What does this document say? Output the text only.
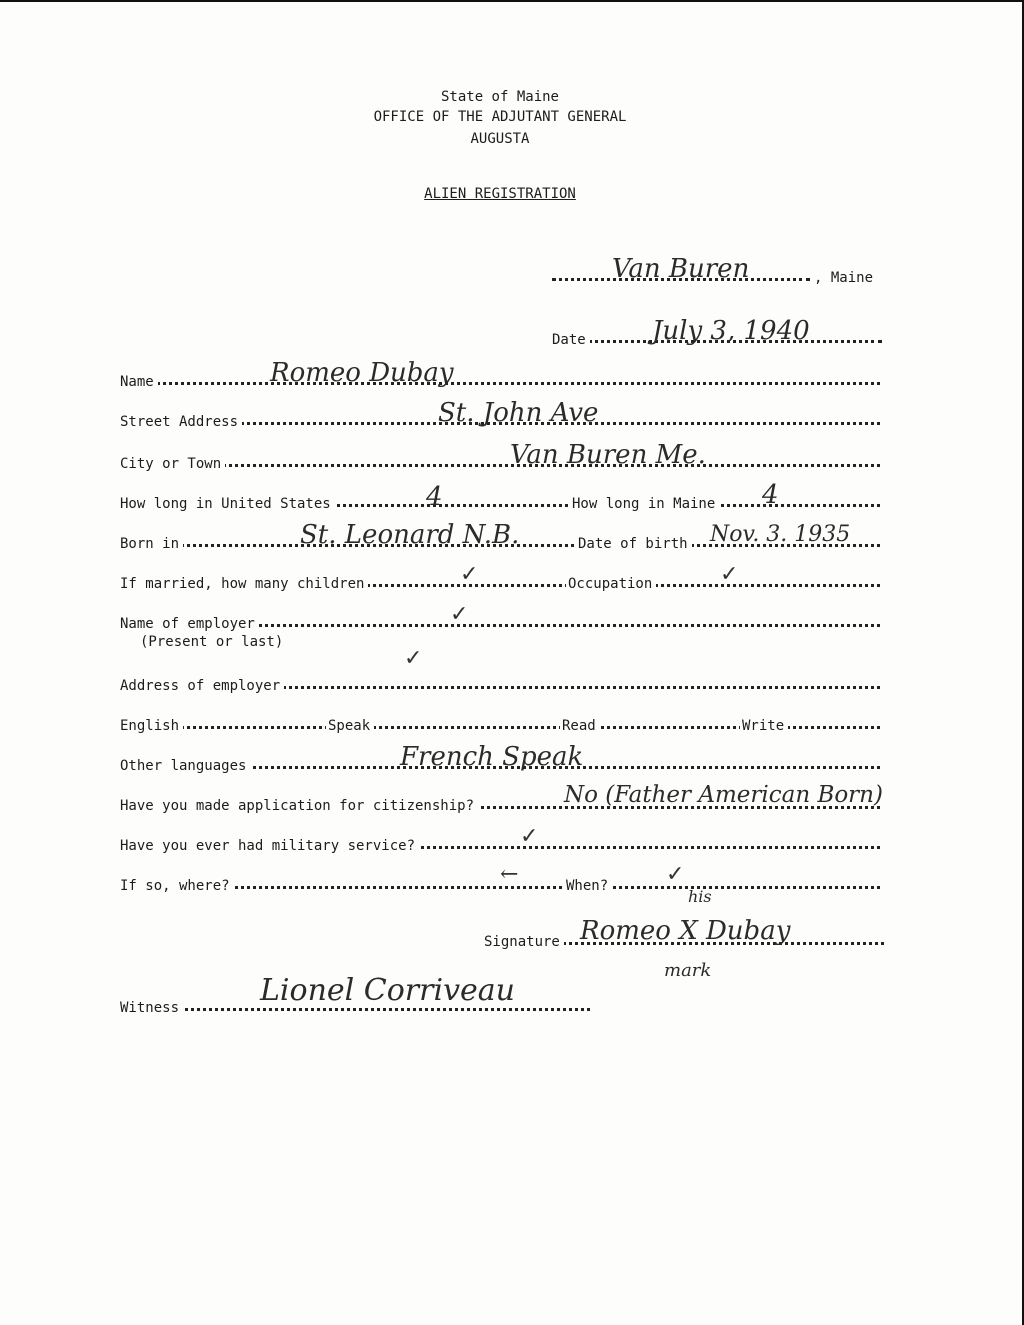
State of Maine
OFFICE OF THE ADJUTANT GENERAL
AUGUSTA
ALIEN REGISTRATION
Van Buren	, Maine
Date	July 3, 1940
Name	Romeo Dubay
Street Address	St. John Ave
City or Town	Van Buren Me.
How long in United States	4	How long in Maine 4
Born in	St. Leonard N.B.	Date of birth Nov. 3. 1935
If married, how many children	✓	Occupation	✓
Name of employer	✓
(Present or last)
Address of employer
✓
English	Speak	Read	Write
Other languages	French Speak
Have you made application for citizenship?	No (Father American Born)
Have you ever had military service?	✓
If so, where?	←	When?	✓
his
Signature Romeo X Dubay
mark
Witness	Lionel Corriveau
